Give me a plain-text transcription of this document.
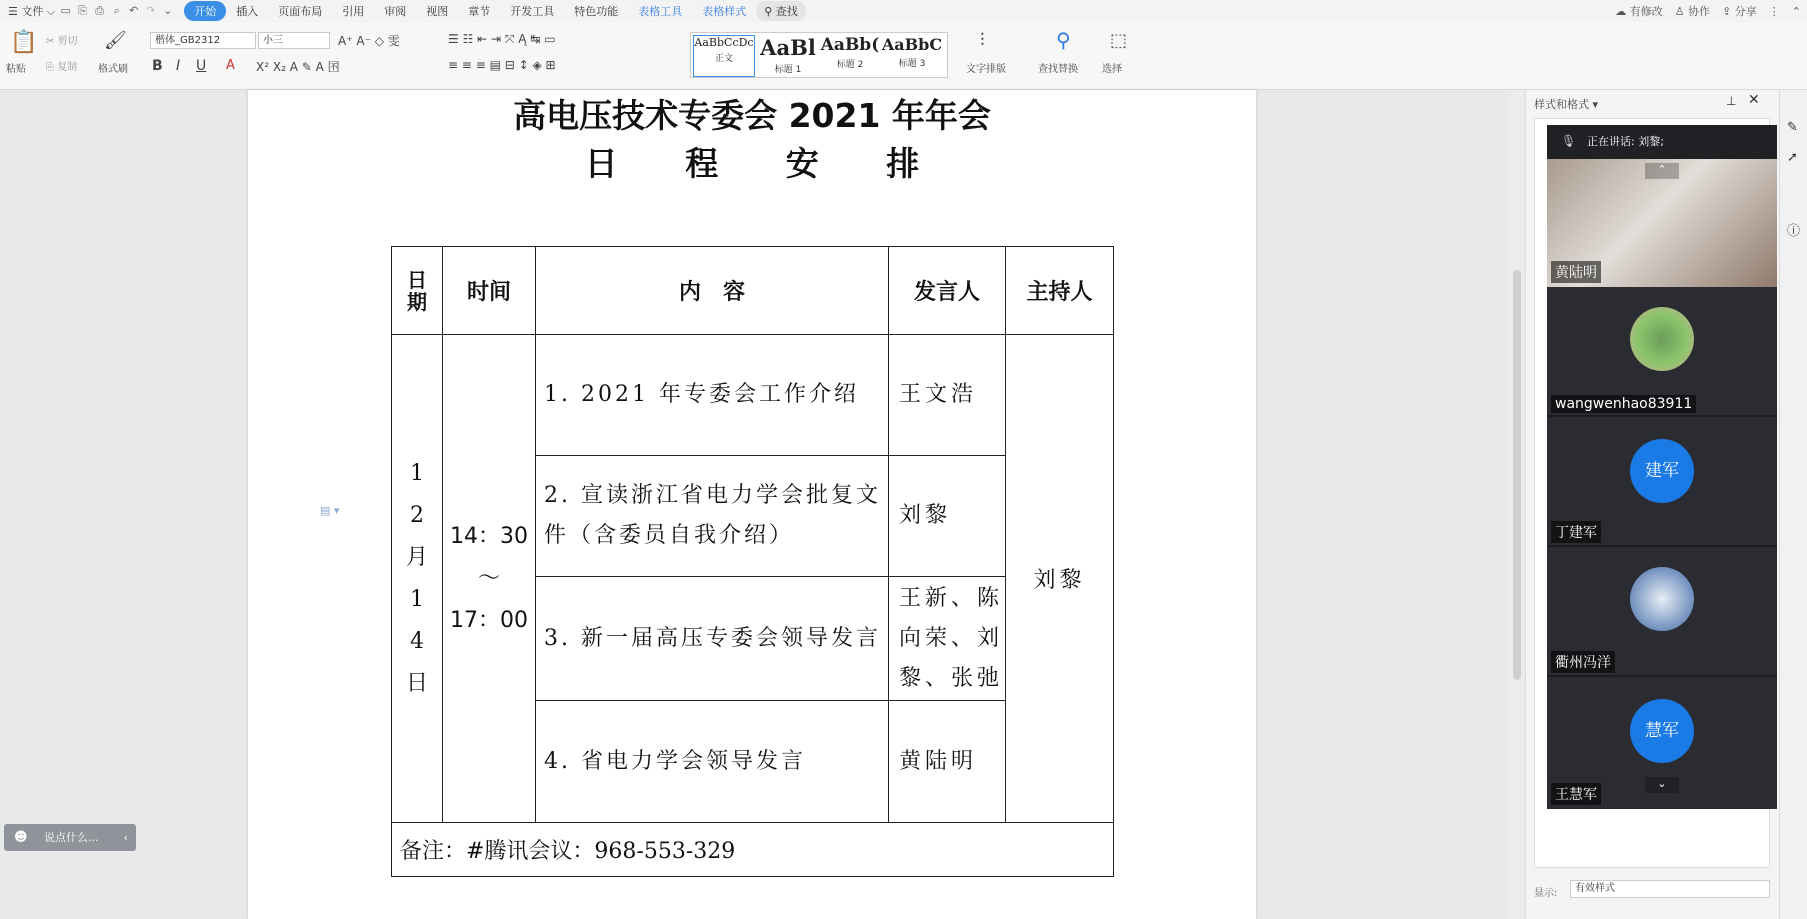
☰ 文件 ⌵ ▭ ⎘ ⎙ ⌕ ↶ ↷ ⌄	开始	插入	页面布局	引用	审阅	视图	章节	开发工具	特色功能	表格工具	表格样式	⚲ 查找	☁ 有修改 ♙ 协作 ⇪ 分享 ⋮ ⌃
📋
粘贴
✂ 剪切
⎘ 复制
🖌
格式刷
楷体_GB2312	小三	A⁺ A⁻ ◇ 雯
B I U A X² X₂ A ✎ A 囨
☰ ☷ ⇤ ⇥ ⤧ Ą ↹ ▭
≡ ≡ ≡ ▤ ⊟ ↕ ◈ ⊞
AaBbCcDc
正文	AaBl
标题 1
AaBb(
标题 2
AaBbC
标题 3
⫶
文字排版
⚲
查找替换
⬚
选择
高电压技术专委会 2021 年年会
日 程 安 排
日期	时间	内　容	发言人	主持人

12月14日	14：30
～
17：00	1. 2021 年专委会工作介绍	王文浩	刘黎
		2. 宣读浙江省电力学会批复文件（含委员自我介绍）	刘黎	
		3. 新一届高压专委会领导发言	王新、陈向荣、刘黎、张弛	
		4. 省电力学会领导发言	黄陆明	
备注：#腾讯会议：968-553-329				
▤ ▾
样式和格式 ▾	⊥ ✕
显示:	有效样式
✎
➚
ⓘ
正在讲话: 刘黎;
🎙
⌃
黄陆明
wangwenhao83911
建军
丁建军
衢州冯洋
慧军
⌄
王慧军
☻ 说点什么... ‹
